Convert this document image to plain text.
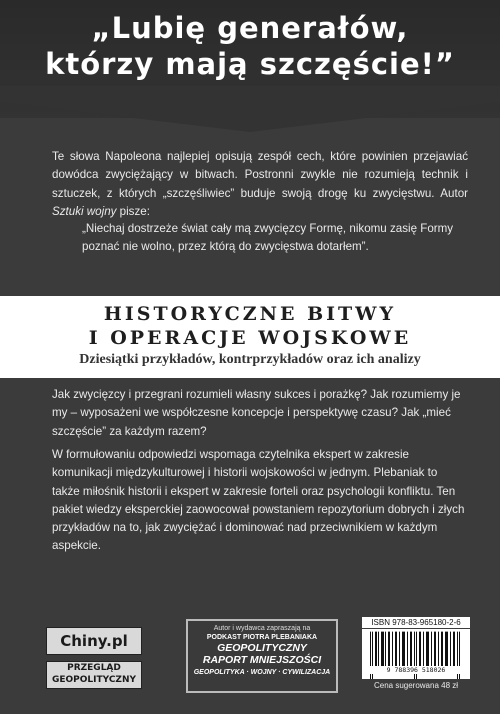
„Lubię generałów,
którzy mają szczęście!”
Te słowa Napoleona najlepiej opisują zespół cech, które powinien przejawiać dowódca zwyciężający w bitwach. Postronni zwykle nie rozumieją technik i sztuczek, z których „szczęśliwiec” buduje swoją drogę ku zwycięstwu. Autor Sztuki wojny pisze:
„Niechaj dostrzeże świat cały mą zwycięzcy Formę, nikomu zasię Formy poznać nie wolno, przez którą do zwycięstwa dotarłem”.
HISTORYCZNE BITWY
I OPERACJE WOJSKOWE
Dziesiątki przykładów, kontrprzykładów oraz ich analizy
Jak zwycięzcy i przegrani rozumieli własny sukces i porażkę? Jak rozumiemy je my – wyposażeni we współczesne koncepcje i perspektywę czasu? Jak „mieć szczęście” za każdym razem?
W formułowaniu odpowiedzi wspomaga czytelnika ekspert w zakresie komunikacji międzykulturowej i historii wojskowości w jednym. Plebaniak to także miłośnik historii i ekspert w zakresie forteli oraz psychologii konfliktu. Ten pakiet wiedzy eksperckiej zaowocował powstaniem repozytorium dobrych i złych przykładów na to, jak zwyciężać i dominować nad przeciwnikiem w każdym aspekcie.
Chiny.pl
PRZEGLĄD
GEOPOLITYCZNY
Autor i wydawca zapraszają na
PODKAST PIOTRA PLEBANIAKA
GEOPOLITYCZNY
RAPORT MNIEJSZOŚCI
GEOPOLITYKA · WOJNY · CYWILIZACJA
ISBN 978-83-965180-2-6
9 788396 518026
Cena sugerowana 48 zł
